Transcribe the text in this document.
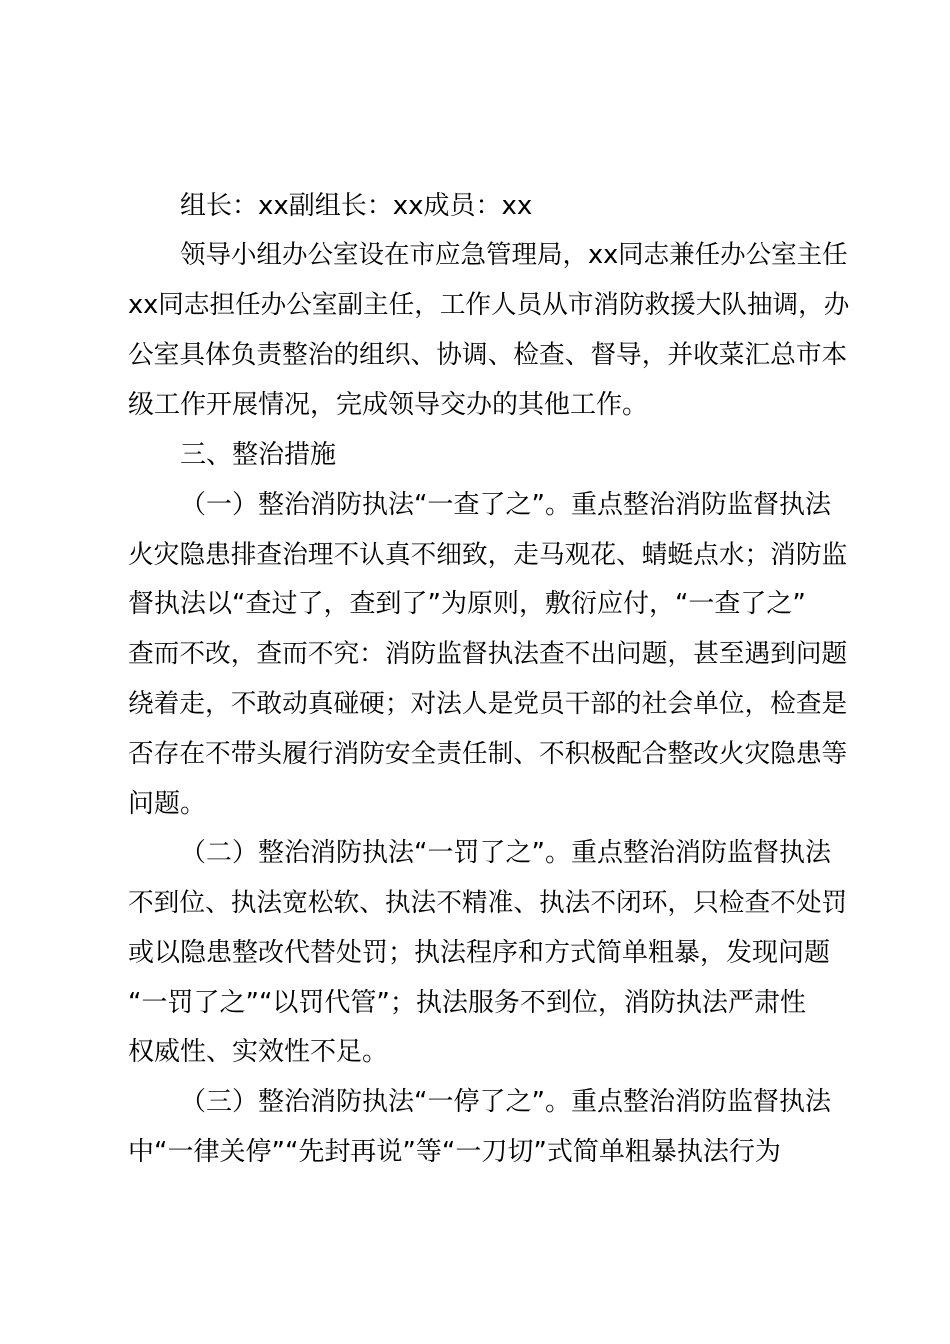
组长：xx副组长：xx成员：xx
领导小组办公室设在市应急管理局，xx同志兼任办公室主任
xx同志担任办公室副主任，工作人员从市消防救援大队抽调，办
公室具体负责整治的组织、协调、检查、督导，并收菜汇总市本
级工作开展情况，完成领导交办的其他工作。
三、整治措施
（一）整治消防执法“一查了之”。重点整治消防监督执法
火灾隐患排查治理不认真不细致，走马观花、蜻蜓点水；消防监
督执法以“查过了，查到了”为原则，敷衍应付，“一查了之”
查而不改，查而不究：消防监督执法查不出问题，甚至遇到问题
绕着走，不敢动真碰硬；对法人是党员干部的社会单位，检查是
否存在不带头履行消防安全责任制、不积极配合整改火灾隐患等
问题。
（二）整治消防执法“一罚了之”。重点整治消防监督执法
不到位、执法宽松软、执法不精准、执法不闭环，只检查不处罚
或以隐患整改代替处罚；执法程序和方式简单粗暴，发现问题
“一罚了之”“以罚代管”；执法服务不到位，消防执法严肃性
权威性、实效性不足。
（三）整治消防执法“一停了之”。重点整治消防监督执法
中“一律关停”“先封再说”等“一刀切”式简单粗暴执法行为
